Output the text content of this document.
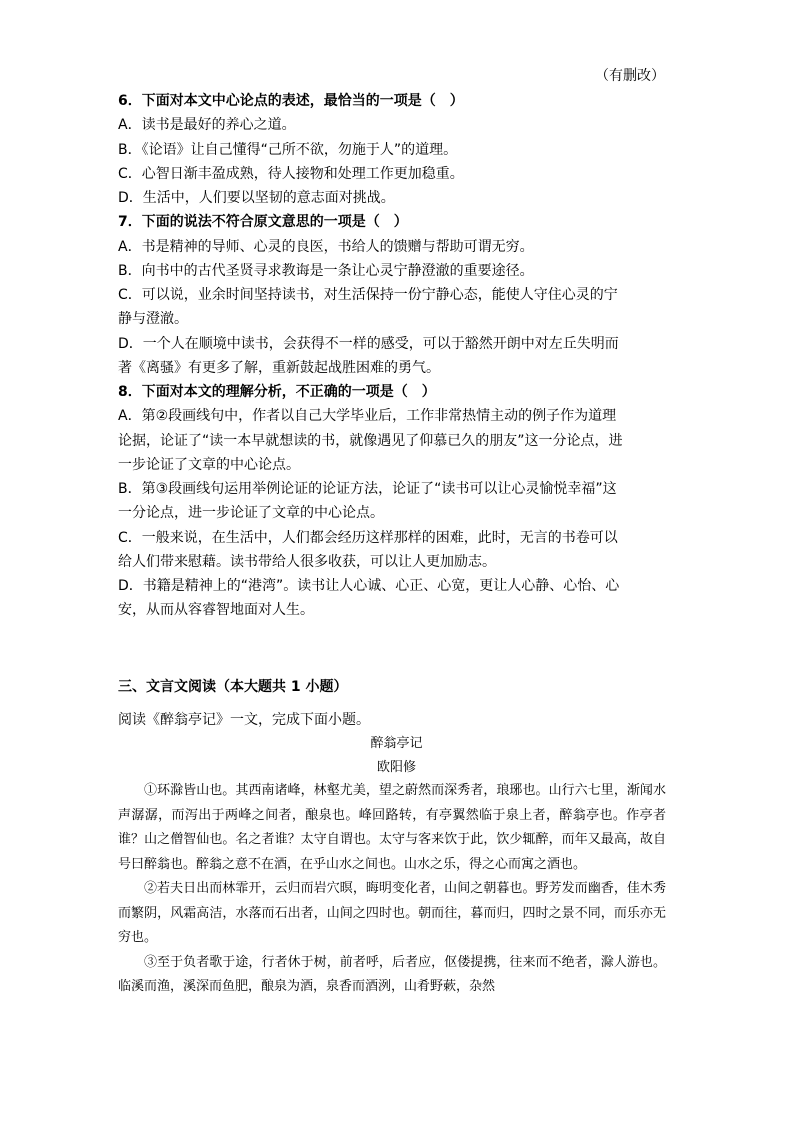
（有删改）
6．下面对本文中心论点的表述，最恰当的一项是（　）
A．读书是最好的养心之道。
B．《论语》让自己懂得“己所不欲，勿施于人”的道理。
C．心智日渐丰盈成熟，待人接物和处理工作更加稳重。
D．生活中，人们要以坚韧的意志面对挑战。
7．下面的说法不符合原文意思的一项是（　）
A．书是精神的导师、心灵的良医，书给人的馈赠与帮助可谓无穷。
B．向书中的古代圣贤寻求教诲是一条让心灵宁静澄澈的重要途径。
C．可以说，业余时间坚持读书，对生活保持一份宁静心态，能使人守住心灵的宁
静与澄澈。
D．一个人在顺境中读书，会获得不一样的感受，可以于豁然开朗中对左丘失明而
著《离骚》有更多了解，重新鼓起战胜困难的勇气。
8．下面对本文的理解分析，不正确的一项是（　）
A．第②段画线句中，作者以自己大学毕业后，工作非常热情主动的例子作为道理
论据，论证了“读一本早就想读的书，就像遇见了仰慕已久的朋友”这一分论点，进
一步论证了文章的中心论点。
B．第③段画线句运用举例论证的论证方法，论证了“读书可以让心灵愉悦幸福”这
一分论点，进一步论证了文章的中心论点。
C．一般来说，在生活中，人们都会经历这样那样的困难，此时，无言的书卷可以
给人们带来慰藉。读书带给人很多收获，可以让人更加励志。
D．书籍是精神上的“港湾”。读书让人心诚、心正、心宽，更让人心静、心怡、心
安，从而从容睿智地面对人生。
三、文言文阅读（本大题共 1 小题）
阅读《醉翁亭记》一文，完成下面小题。
醉翁亭记
欧阳修

①环滁皆山也。其西南诸峰，林壑尤美，望之蔚然而深秀者，琅琊也。山行六七里，渐闻水声潺潺，而泻出于两峰之间者，酿泉也。峰回路转，有亭翼然临于泉上者，醉翁亭也。作亭者谁？山之僧智仙也。名之者谁？太守自谓也。太守与客来饮于此，饮少辄醉，而年又最高，故自号曰醉翁也。醉翁之意不在酒，在乎山水之间也。山水之乐，得之心而寓之酒也。

②若夫日出而林霏开，云归而岩穴暝，晦明变化者，山间之朝暮也。野芳发而幽香，佳木秀而繁阴，风霜高洁，水落而石出者，山间之四时也。朝而往，暮而归，四时之景不同，而乐亦无穷也。

③至于负者歌于途，行者休于树，前者呼，后者应，伛偻提携，往来而不绝者，滁人游也。临溪而渔，溪深而鱼肥，酿泉为酒，泉香而酒洌，山肴野蔌，杂然
